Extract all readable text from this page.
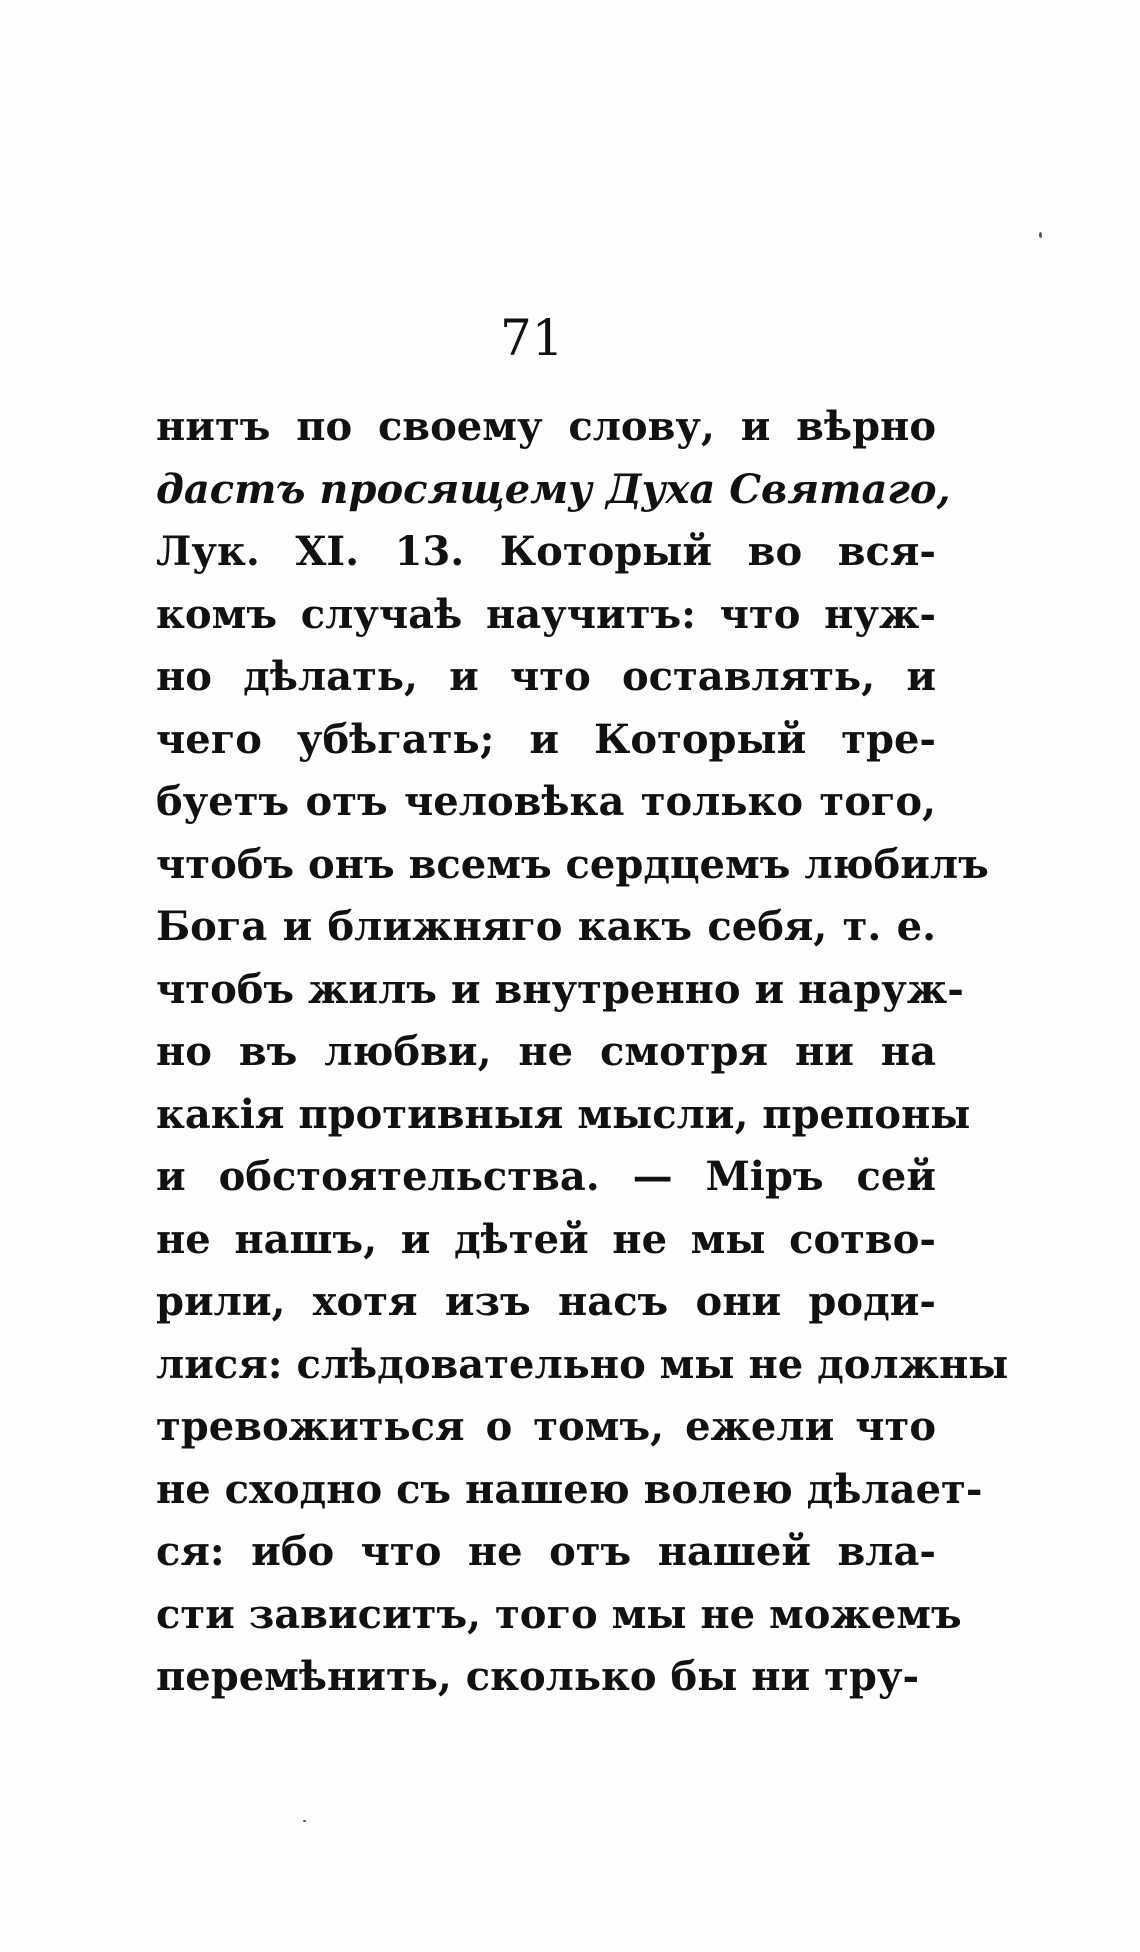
71
нитъ по своему слову, и вѣрно
дастъ просящему Духа Святаго,
Лук. XI. 13. Который во вся-
комъ случаѣ научитъ: что нуж-
но дѣлать, и что оставлять, и
чего убѣгать; и Который тре-
буетъ отъ человѣка только того,
чтобъ онъ всемъ сердцемъ любилъ
Бога и ближняго какъ себя, т. е.
чтобъ жилъ и внутренно и наруж-
но въ любви, не смотря ни на
какія противныя мысли, препоны
и обстоятельства. — Міръ сей
не нашъ, и дѣтей не мы сотво-
рили, хотя изъ насъ они роди-
лися: слѣдовательно мы не должны
тревожиться о томъ, ежели что
не сходно съ нашею волею дѣлает-
ся: ибо что не отъ нашей вла-
сти зависитъ, того мы не можемъ
перемѣнить, сколько бы ни тру-
